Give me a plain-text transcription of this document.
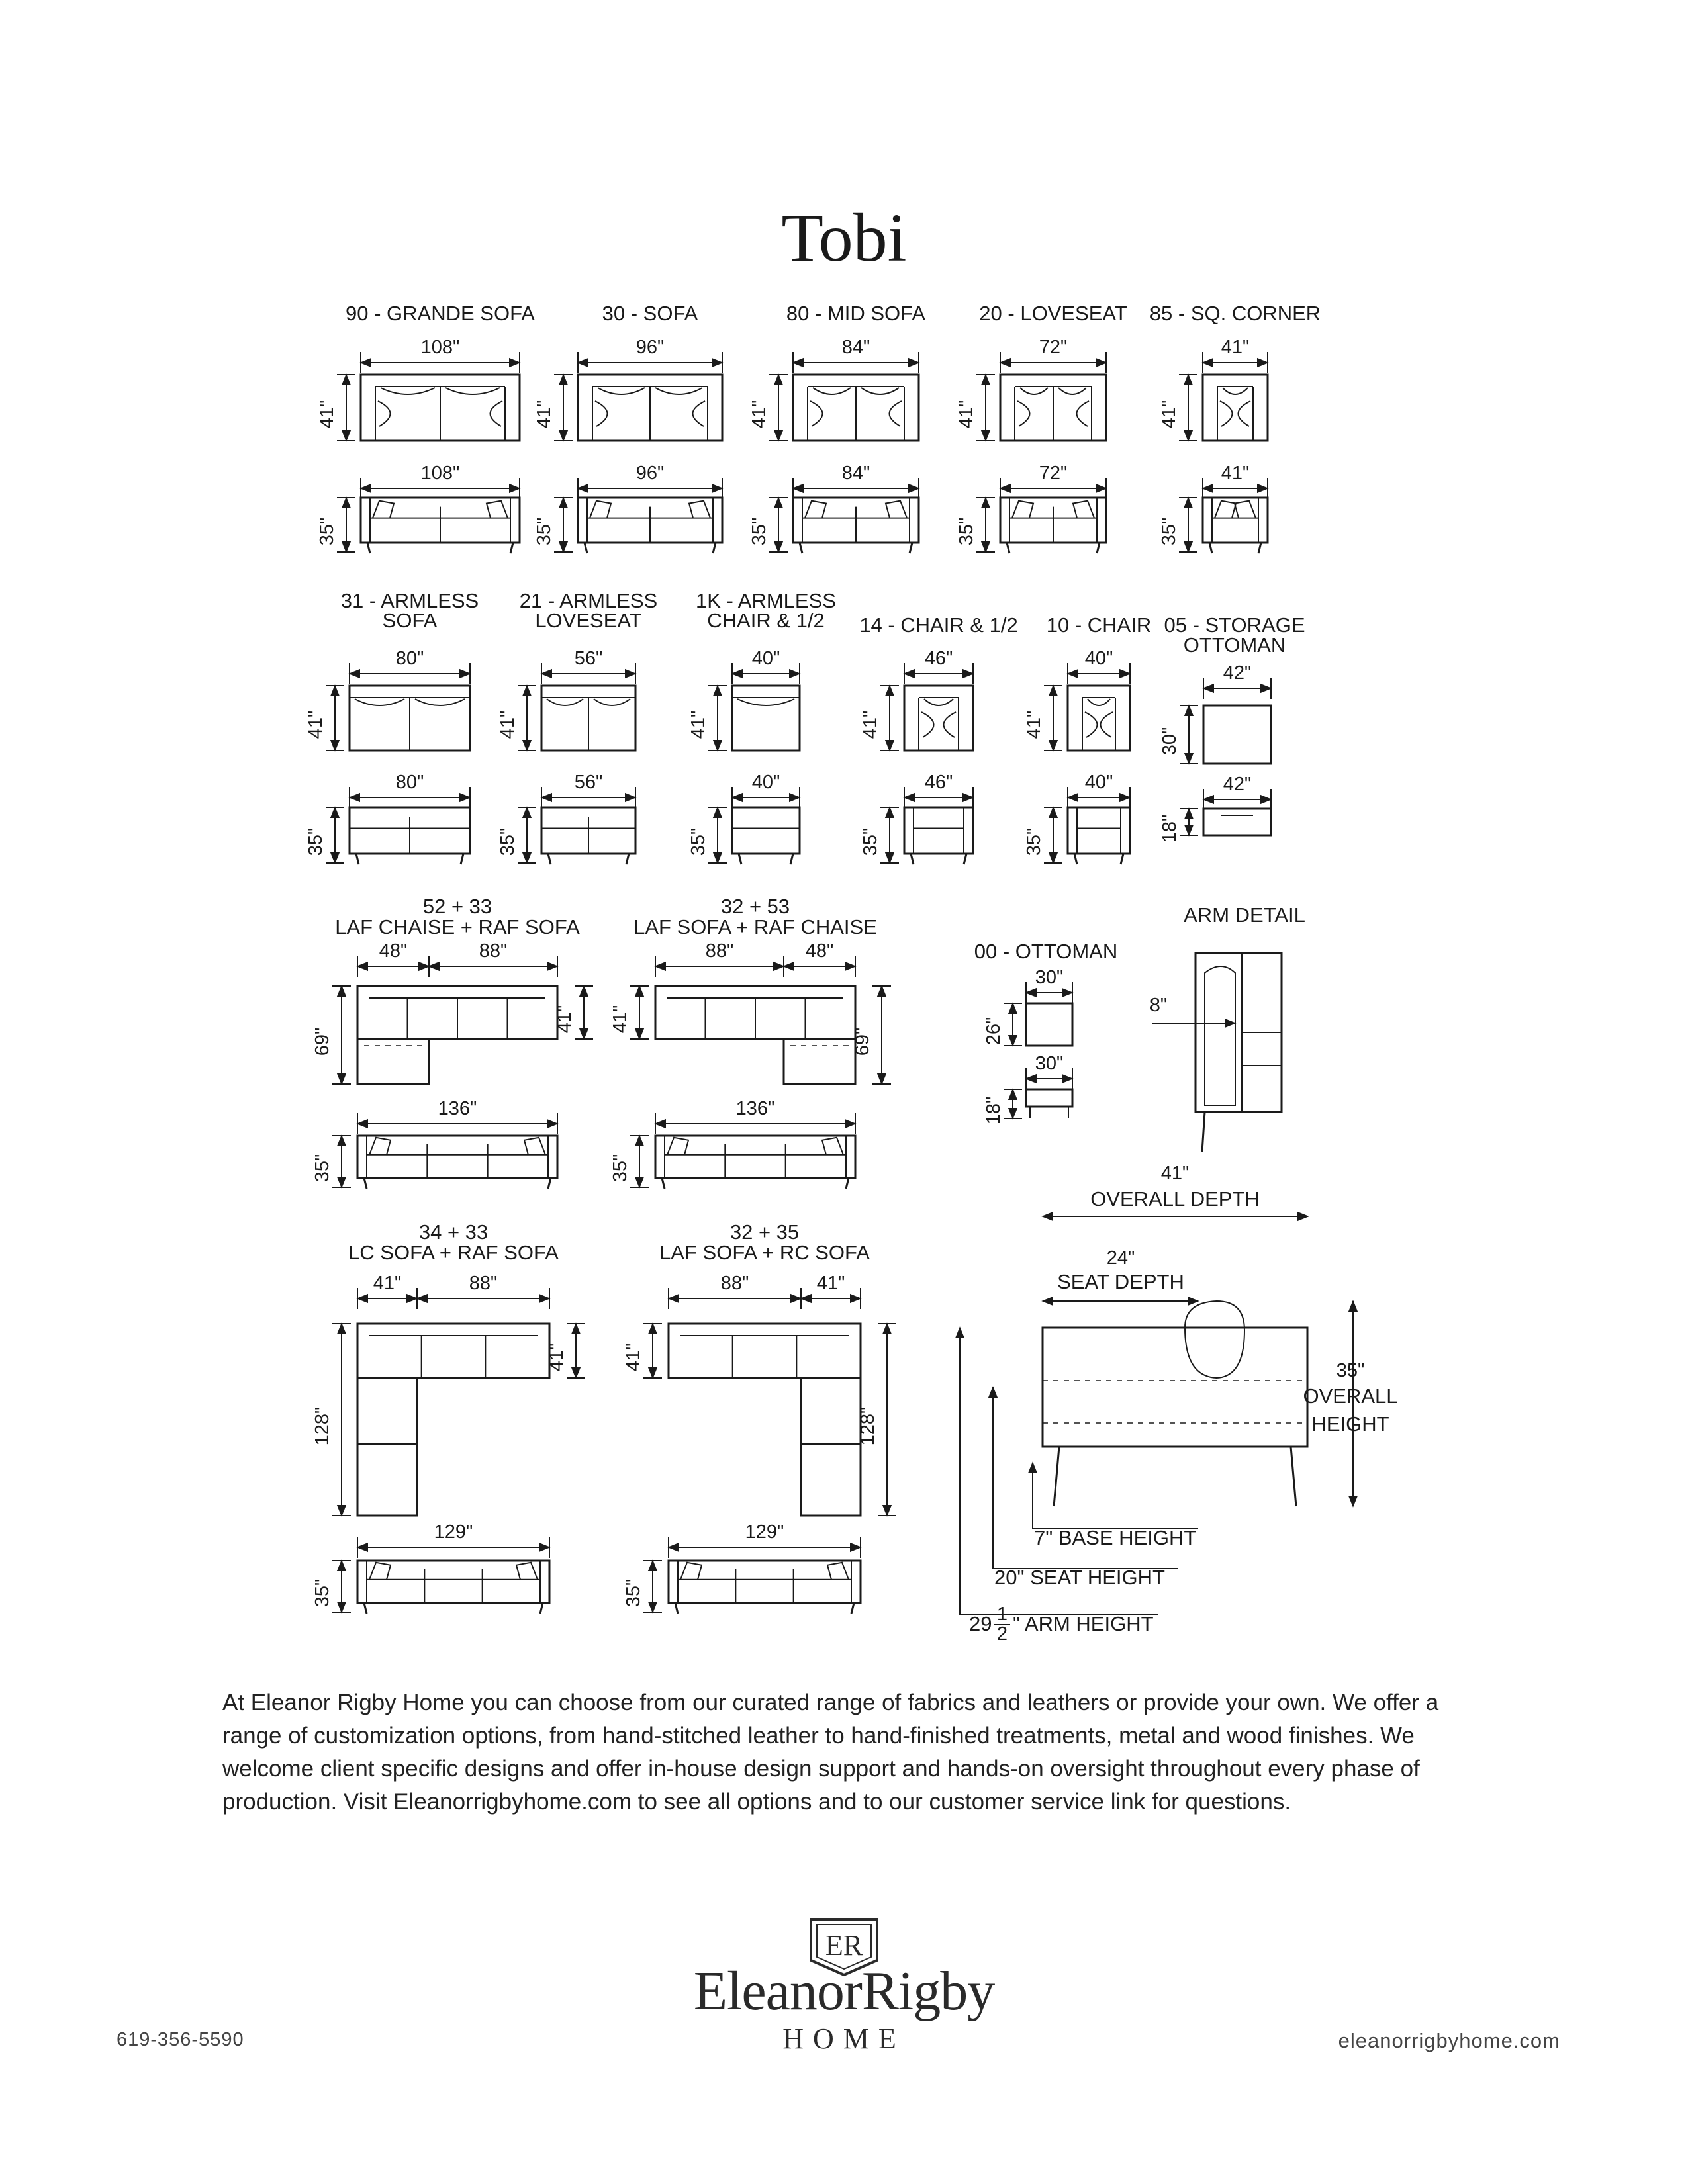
Tobi
90 - GRANDE SOFA
108"
41"
108"
35"
30 - SOFA
96"
41"
96"
35"
80 - MID SOFA
84"
41"
84"
35"
20 - LOVESEAT
72"
41"
72"
35"
85 - SQ. CORNER
41"
41"
41"
35"
31 - ARMLESS
SOFA
80"
41"
80"
35"
21 - ARMLESS
LOVESEAT
56"
41"
56"
35"
1K - ARMLESS
CHAIR & 1/2
40"
41"
40"
35"
14 - CHAIR & 1/2
46"
41"
46"
35"
10 - CHAIR
40"
41"
40"
35"
05 - STORAGE
OTTOMAN
42"
30"
42"
18"
52 + 33
LAF CHAISE + RAF SOFA
48"	88"
69"
41"
136"
35"
32 + 53
LAF SOFA + RAF CHAISE
88"	48"
41"
69"
136"
35"
34 + 33
LC SOFA + RAF SOFA
41"	88"
128"
41"
129"
35"
32 + 35
LAF SOFA + RC SOFA
88"	41"
41"
128"
129"
35"
00 - OTTOMAN
30"
26"
30"
18"
ARM DETAIL
8"
41"
OVERALL DEPTH
24"
SEAT DEPTH
35"
OVERALL
HEIGHT
7" BASE HEIGHT
20" SEAT HEIGHT
29 1
2 " ARM HEIGHT

At Eleanor Rigby Home you can choose from our curated range of fabrics and leathers or provide your own. We offer a range of customization options, from hand-stitched leather to hand-finished treatments, metal and wood finishes. We welcome client specific designs and offer in-house design support and hands-on oversight throughout every phase of production. Visit Eleanorrigbyhome.com to see all options and to our customer service link for questions.

ER
EleanorRigby
HOME
619-356-5590	eleanorrigbyhome.com
